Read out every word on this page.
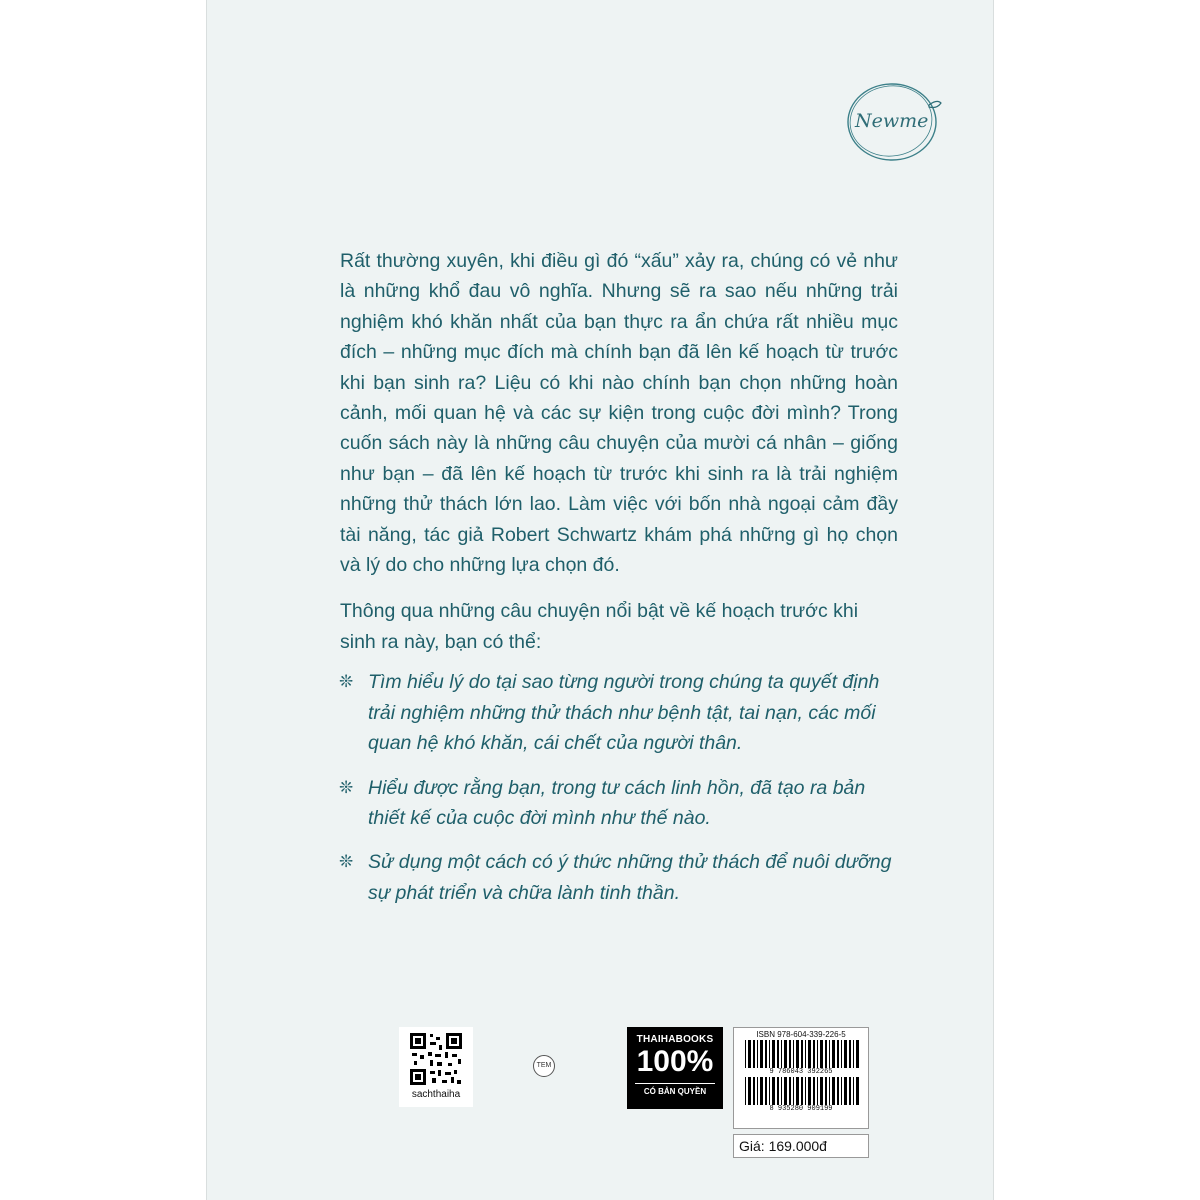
Newme

Rất thường xuyên, khi điều gì đó “xấu” xảy ra, chúng có vẻ như là những khổ đau vô nghĩa. Nhưng sẽ ra sao nếu những trải nghiệm khó khăn nhất của bạn thực ra ẩn chứa rất nhiều mục đích – những mục đích mà chính bạn đã lên kế hoạch từ trước khi bạn sinh ra? Liệu có khi nào chính bạn chọn những hoàn cảnh, mối quan hệ và các sự kiện trong cuộc đời mình? Trong cuốn sách này là những câu chuyện của mười cá nhân – giống như bạn – đã lên kế hoạch từ trước khi sinh ra là trải nghiệm những thử thách lớn lao. Làm việc với bốn nhà ngoại cảm đầy tài năng, tác giả Robert Schwartz khám phá những gì họ chọn và lý do cho những lựa chọn đó.

Thông qua những câu chuyện nổi bật về kế hoạch trước khi sinh ra này, bạn có thể:

❊ Tìm hiểu lý do tại sao từng người trong chúng ta quyết định trải nghiệm những thử thách như bệnh tật, tai nạn, các mối quan hệ khó khăn, cái chết của người thân.
❊ Hiểu được rằng bạn, trong tư cách linh hồn, đã tạo ra bản thiết kế của cuộc đời mình như thế nào.
❊ Sử dụng một cách có ý thức những thử thách để nuôi dưỡng sự phát triển và chữa lành tinh thần.
sachthaiha
TEM
THAIHABOOKS
100%
CÓ BẢN QUYỀN
ISBN 978-604-339-226-5
9 786043 392265
8 935280 909199
Giá: 169.000đ
